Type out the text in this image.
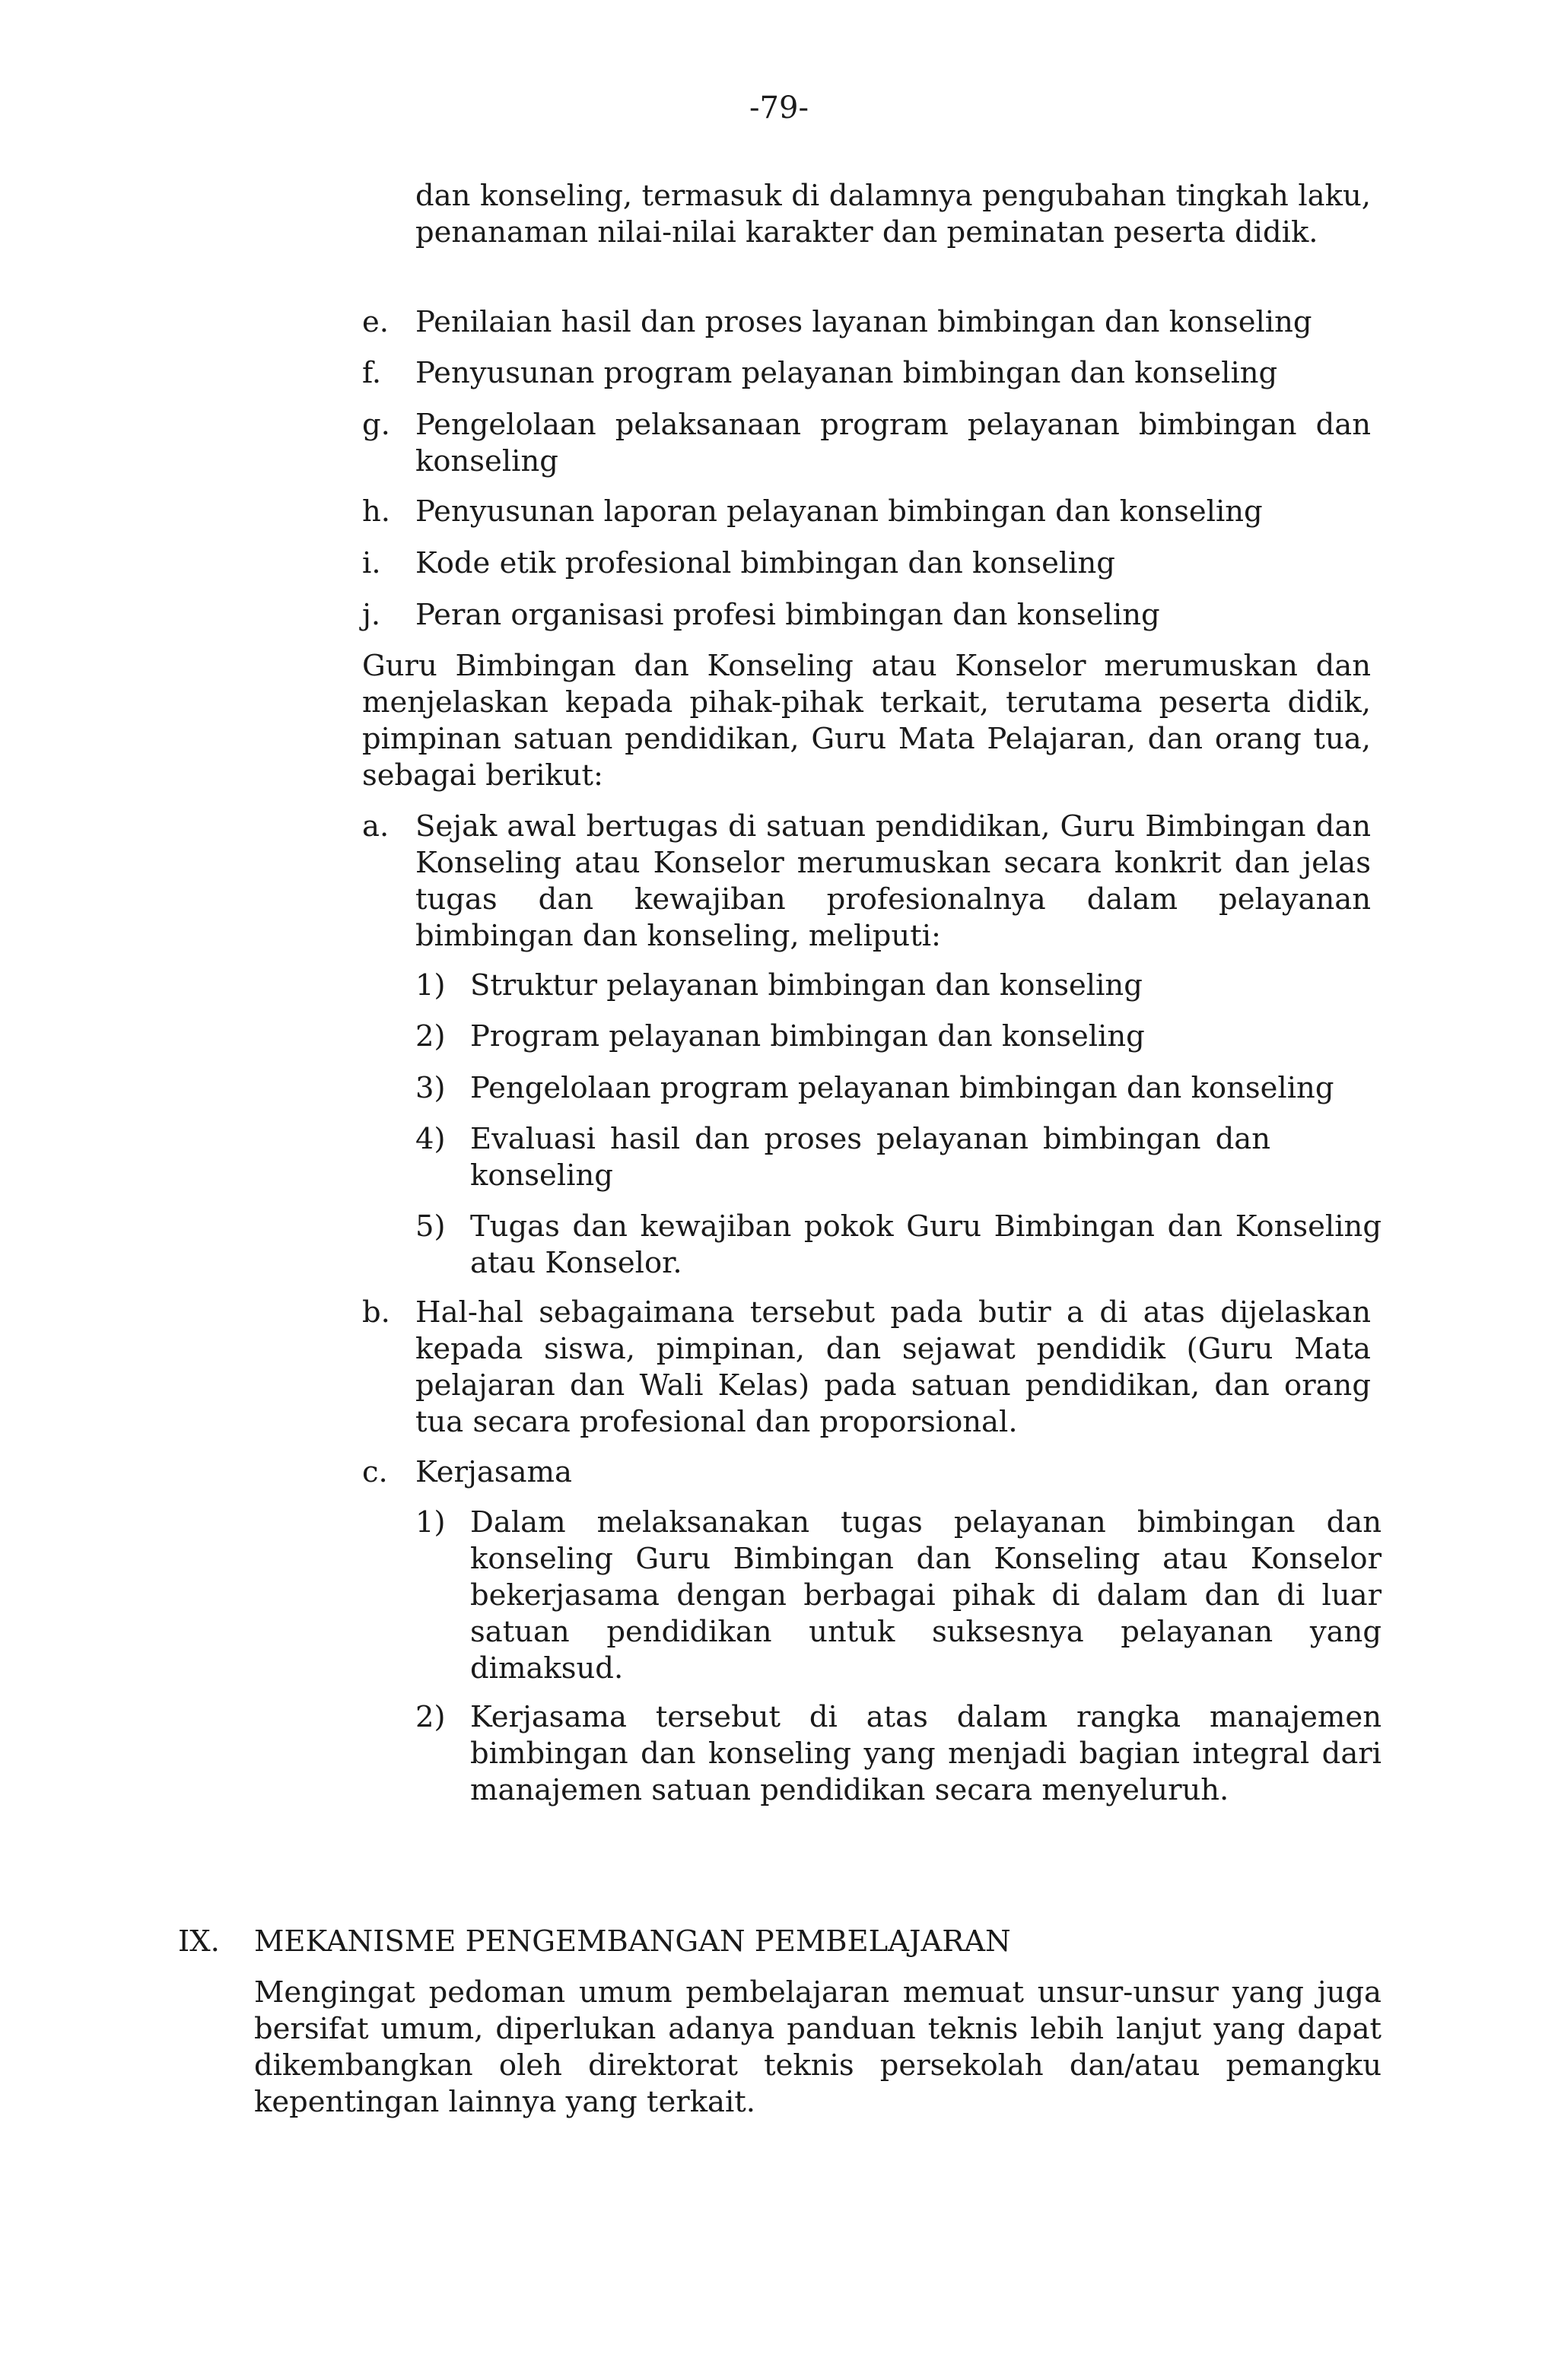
-79-
dan konseling, termasuk di dalamnya pengubahan tingkah laku, penanaman nilai-nilai karakter dan peminatan peserta didik.
e. Penilaian hasil dan proses layanan bimbingan dan konseling
f. Penyusunan program pelayanan bimbingan dan konseling
g. Pengelolaan pelaksanaan program pelayanan bimbingan dan konseling
h. Penyusunan laporan pelayanan bimbingan dan konseling
i. Kode etik profesional bimbingan dan konseling
j. Peran organisasi profesi bimbingan dan konseling
Guru Bimbingan dan Konseling atau Konselor merumuskan dan menjelaskan kepada pihak-pihak terkait, terutama peserta didik, pimpinan satuan pendidikan, Guru Mata Pelajaran, dan orang tua, sebagai berikut:
a. Sejak awal bertugas di satuan pendidikan, Guru Bimbingan dan Konseling atau Konselor merumuskan secara konkrit dan jelas tugas dan kewajiban profesionalnya dalam pelayanan bimbingan dan konseling, meliputi:
1) Struktur pelayanan bimbingan dan konseling
2) Program pelayanan bimbingan dan konseling
3) Pengelolaan program pelayanan bimbingan dan konseling
4) Evaluasi hasil dan proses pelayanan bimbingan dan konseling
5) Tugas dan kewajiban pokok Guru Bimbingan dan Konseling atau Konselor.
b. Hal-hal sebagaimana tersebut pada butir a di atas dijelaskan kepada siswa, pimpinan, dan sejawat pendidik (Guru Mata pelajaran dan Wali Kelas) pada satuan pendidikan, dan orang tua secara profesional dan proporsional.
c. Kerjasama
1) Dalam melaksanakan tugas pelayanan bimbingan dan konseling Guru Bimbingan dan Konseling atau Konselor bekerjasama dengan berbagai pihak di dalam dan di luar satuan pendidikan untuk suksesnya pelayanan yang dimaksud.
2) Kerjasama tersebut di atas dalam rangka manajemen bimbingan dan konseling yang menjadi bagian integral dari manajemen satuan pendidikan secara menyeluruh.
IX. MEKANISME PENGEMBANGAN PEMBELAJARAN
Mengingat pedoman umum pembelajaran memuat unsur-unsur yang juga bersifat umum, diperlukan adanya panduan teknis lebih lanjut yang dapat dikembangkan oleh direktorat teknis persekolah dan/atau pemangku kepentingan lainnya yang terkait.
